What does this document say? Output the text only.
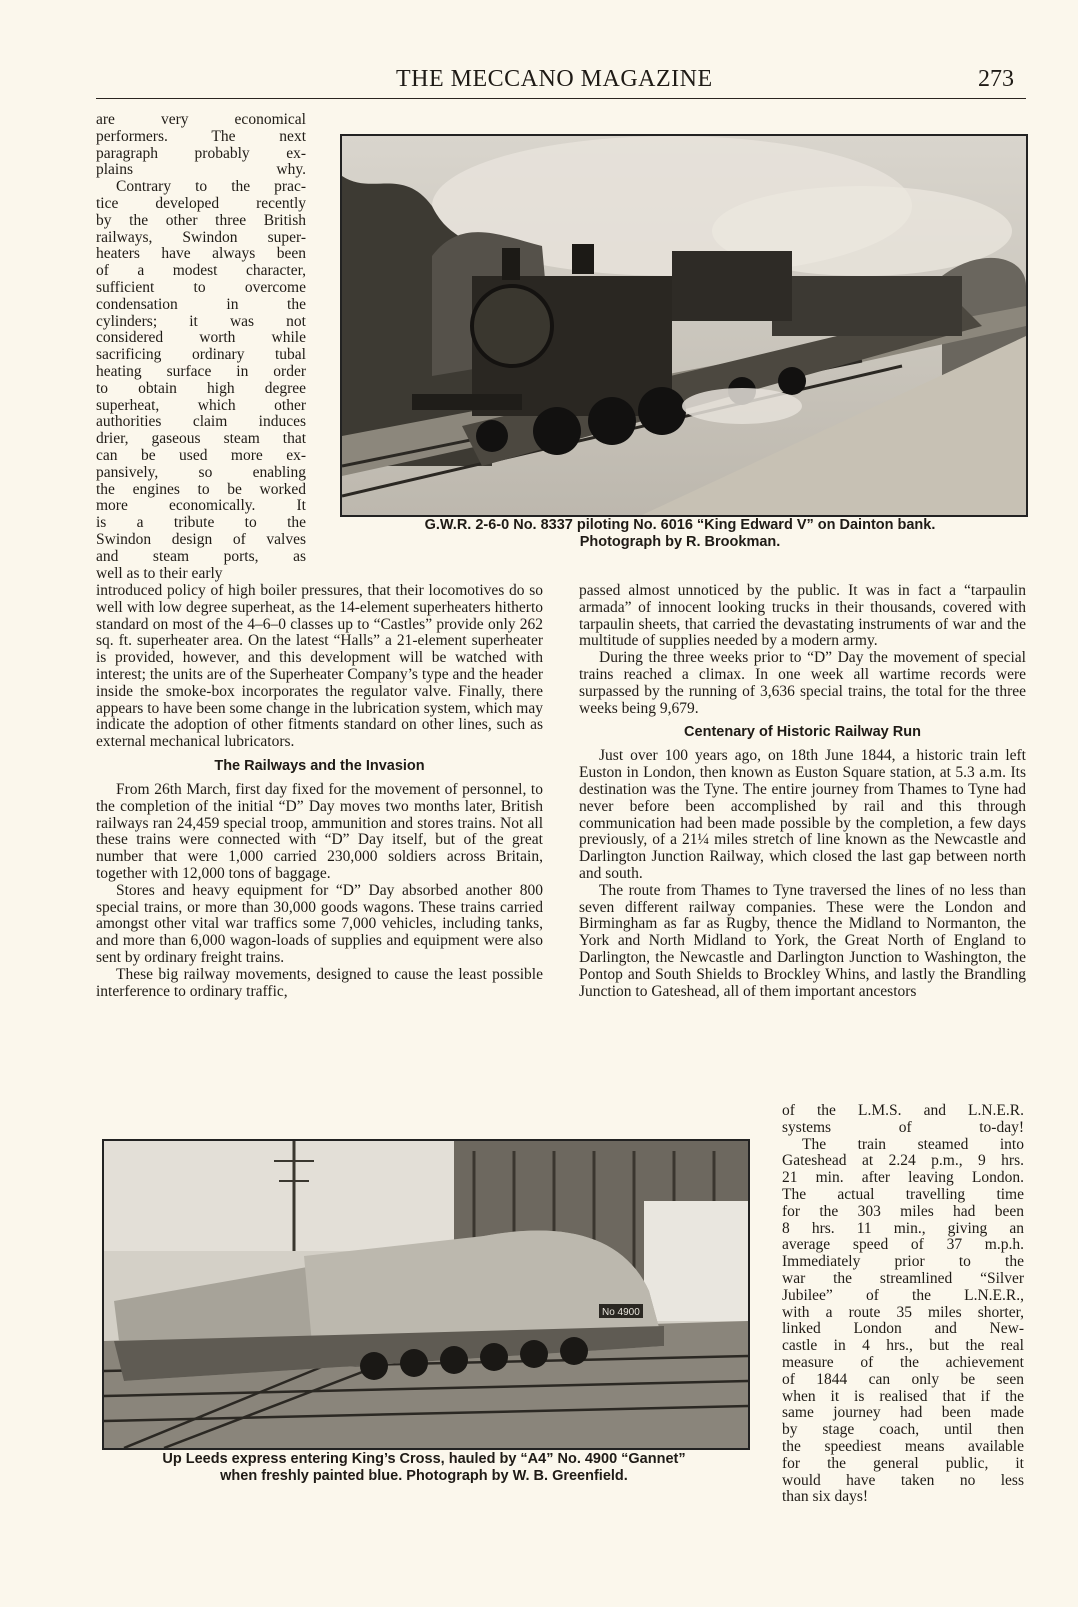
THE MECCANO MAGAZINE	273
are very economical
performers. The next
paragraph probably ex-
plains why.
Contrary to the prac-
tice developed recently
by the other three British
railways, Swindon super-
heaters have always been
of a modest character,
sufficient to overcome
condensation in the
cylinders; it was not
considered worth while
sacrificing ordinary tubal
heating surface in order
to obtain high degree
superheat, which other
authorities claim induces
drier, gaseous steam that
can be used more ex-
pansively, so enabling
the engines to be worked
more economically. It
is a tribute to the
Swindon design of valves
and steam ports, as
well as to their early
G.W.R. 2-6-0 No. 8337 piloting No. 6016 “King Edward V” on Dainton bank.
Photograph by R. Brookman.

introduced policy of high boiler pressures, that their locomotives do so well with low degree superheat, as the 14-element superheaters hitherto standard on most of the 4–6–0 classes up to “Castles” provide only 262 sq. ft. superheater area. On the latest “Halls” a 21-element superheater is provided, however, and this development will be watched with interest; the units are of the Superheater Company’s type and the header inside the smoke-box incorporates the regulator valve. Finally, there appears to have been some change in the lubrication system, which may indicate the adoption of other fitments standard on other lines, such as external mechanical lubricators.

The Railways and the Invasion

From 26th March, first day fixed for the movement of personnel, to the completion of the initial “D” Day moves two months later, British railways ran 24,459 special troop, ammunition and stores trains. Not all these trains were connected with “D” Day itself, but of the great number that were 1,000 carried 230,000 soldiers across Britain, together with 12,000 tons of baggage.

Stores and heavy equipment for “D” Day absorbed another 800 special trains, or more than 30,000 goods wagons. These trains carried amongst other vital war traffics some 7,000 vehicles, including tanks, and more than 6,000 wagon-loads of supplies and equipment were also sent by ordinary freight trains.

These big railway movements, designed to cause the least possible interference to ordinary traffic,

passed almost unnoticed by the public. It was in fact a “tarpaulin armada” of innocent looking trucks in their thousands, covered with tarpaulin sheets, that carried the devastating instruments of war and the multitude of supplies needed by a modern army.

During the three weeks prior to “D” Day the movement of special trains reached a climax. In one week all wartime records were surpassed by the running of 3,636 special trains, the total for the three weeks being 9,679.

Centenary of Historic Railway Run

Just over 100 years ago, on 18th June 1844, a historic train left Euston in London, then known as Euston Square station, at 5.3 a.m. Its destination was the Tyne. The entire journey from Thames to Tyne had never before been accomplished by rail and this through communication had been made possible by the completion, a few days previously, of a 21¼ miles stretch of line known as the Newcastle and Darlington Junction Railway, which closed the last gap between north and south.

The route from Thames to Tyne traversed the lines of no less than seven different railway companies. These were the London and Birmingham as far as Rugby, thence the Midland to Normanton, the York and North Midland to York, the Great North of England to Darlington, the Newcastle and Darlington Junction to Washington, the Pontop and South Shields to Brockley Whins, and lastly the Brandling Junction to Gateshead, all of them important ancestors

of the L.M.S. and L.N.E.R.
systems of to-day!
The train steamed into
Gateshead at 2.24 p.m., 9 hrs.
21 min. after leaving London.
The actual travelling time
for the 303 miles had been
8 hrs. 11 min., giving an
average speed of 37 m.p.h.
Immediately prior to the
war the streamlined “Silver
Jubilee” of the L.N.E.R.,
with a route 35 miles shorter,
linked London and New-
castle in 4 hrs., but the real
measure of the achievement
of 1844 can only be seen
when it is realised that if the
same journey had been made
by stage coach, until then
the speediest means available
for the general public, it
would have taken no less
than six days!
No 4900
Up Leeds express entering King’s Cross, hauled by “A4” No. 4900 “Gannet”
when freshly painted blue. Photograph by W. B. Greenfield.
